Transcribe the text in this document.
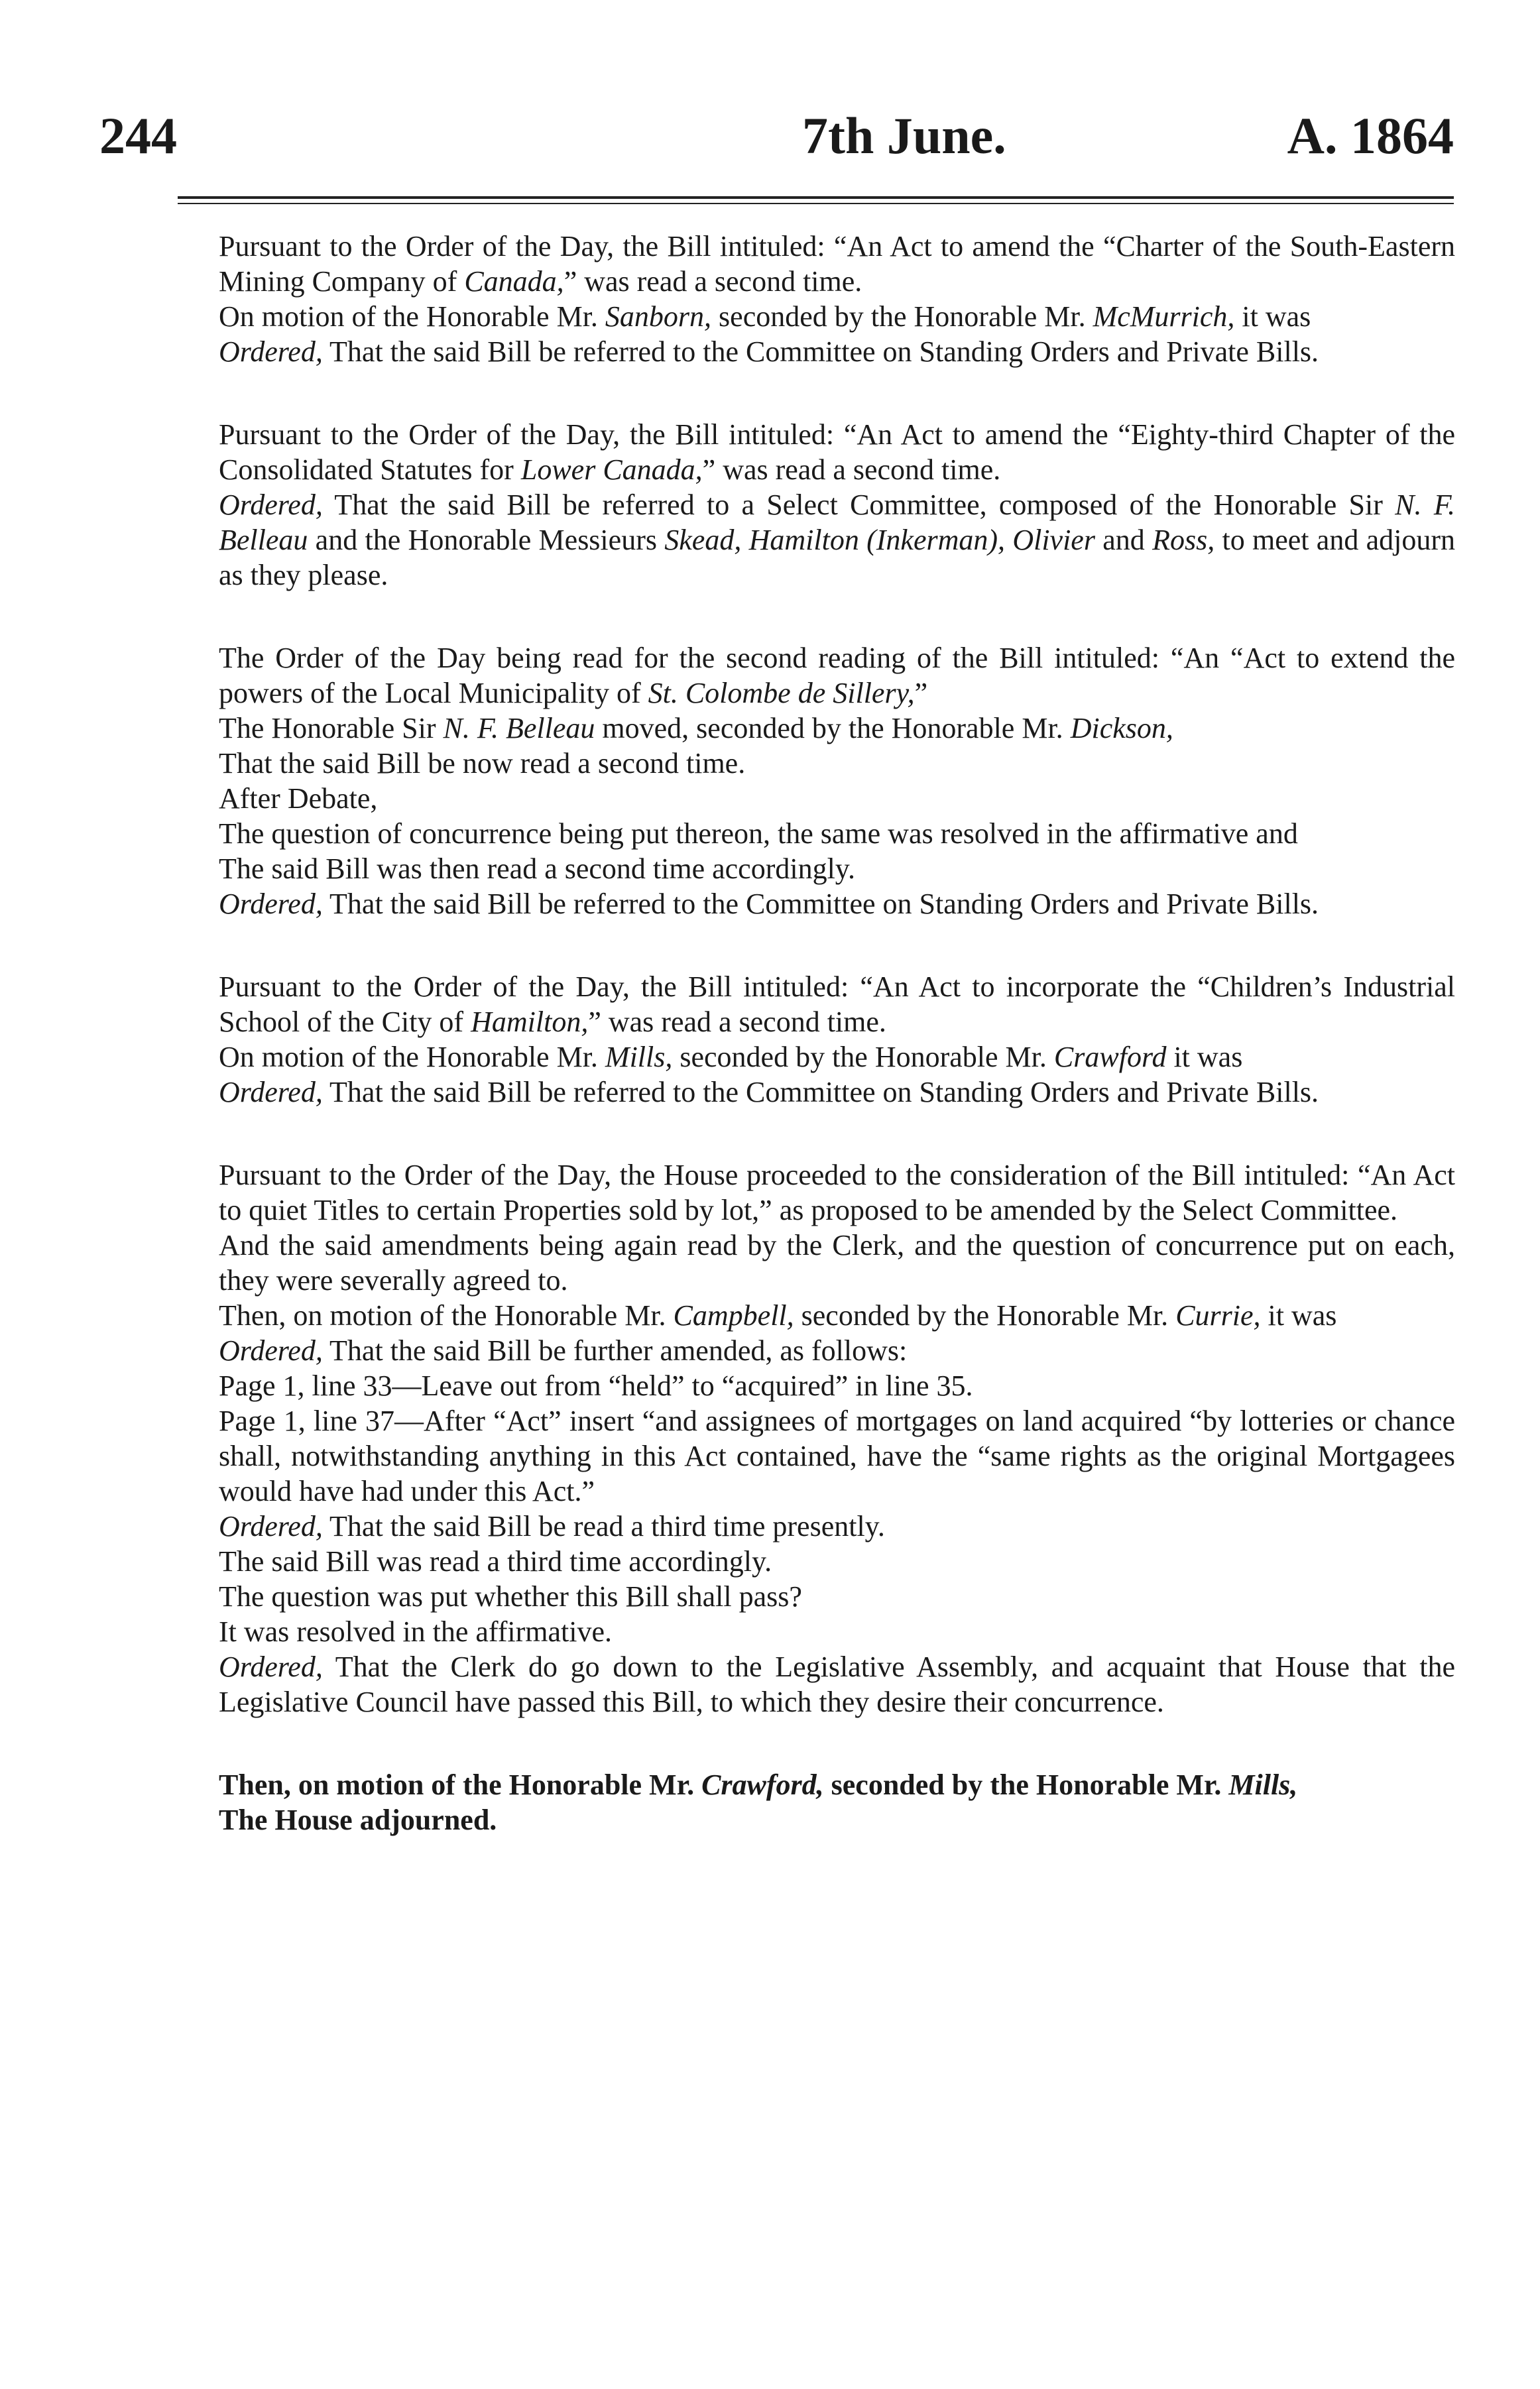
244	7th June.	A. 1864

Pursuant to the Order of the Day, the Bill intituled: “An Act to amend the “Charter of the South-Eastern Mining Company of Canada,” was read a second time.

On motion of the Honorable Mr. Sanborn, seconded by the Honorable Mr. McMurrich, it was

Ordered, That the said Bill be referred to the Committee on Standing Orders and Private Bills.

Pursuant to the Order of the Day, the Bill intituled: “An Act to amend the “Eighty-third Chapter of the Consolidated Statutes for Lower Canada,” was read a second time.

Ordered, That the said Bill be referred to a Select Committee, composed of the Honorable Sir N. F. Belleau and the Honorable Messieurs Skead, Hamilton (Inkerman), Olivier and Ross, to meet and adjourn as they please.

The Order of the Day being read for the second reading of the Bill intituled: “An “Act to extend the powers of the Local Municipality of St. Colombe de Sillery,”

The Honorable Sir N. F. Belleau moved, seconded by the Honorable Mr. Dickson,

That the said Bill be now read a second time.

After Debate,

The question of concurrence being put thereon, the same was resolved in the affirmative and

The said Bill was then read a second time accordingly.

Ordered, That the said Bill be referred to the Committee on Standing Orders and Private Bills.

Pursuant to the Order of the Day, the Bill intituled: “An Act to incorporate the “Children’s Industrial School of the City of Hamilton,” was read a second time.

On motion of the Honorable Mr. Mills, seconded by the Honorable Mr. Crawford it was

Ordered, That the said Bill be referred to the Committee on Standing Orders and Private Bills.

Pursuant to the Order of the Day, the House proceeded to the consideration of the Bill intituled: “An Act to quiet Titles to certain Properties sold by lot,” as proposed to be amended by the Select Committee.

And the said amendments being again read by the Clerk, and the question of concurrence put on each, they were severally agreed to.

Then, on motion of the Honorable Mr. Campbell, seconded by the Honorable Mr. Currie, it was

Ordered, That the said Bill be further amended, as follows:

Page 1, line 33—Leave out from “held” to “acquired” in line 35.

Page 1, line 37—After “Act” insert “and assignees of mortgages on land acquired “by lotteries or chance shall, notwithstanding anything in this Act contained, have the “same rights as the original Mortgagees would have had under this Act.”

Ordered, That the said Bill be read a third time presently.

The said Bill was read a third time accordingly.

The question was put whether this Bill shall pass?

It was resolved in the affirmative.

Ordered, That the Clerk do go down to the Legislative Assembly, and acquaint that House that the Legislative Council have passed this Bill, to which they desire their concurrence.

Then, on motion of the Honorable Mr. Crawford, seconded by the Honorable Mr. Mills,

The House adjourned.
